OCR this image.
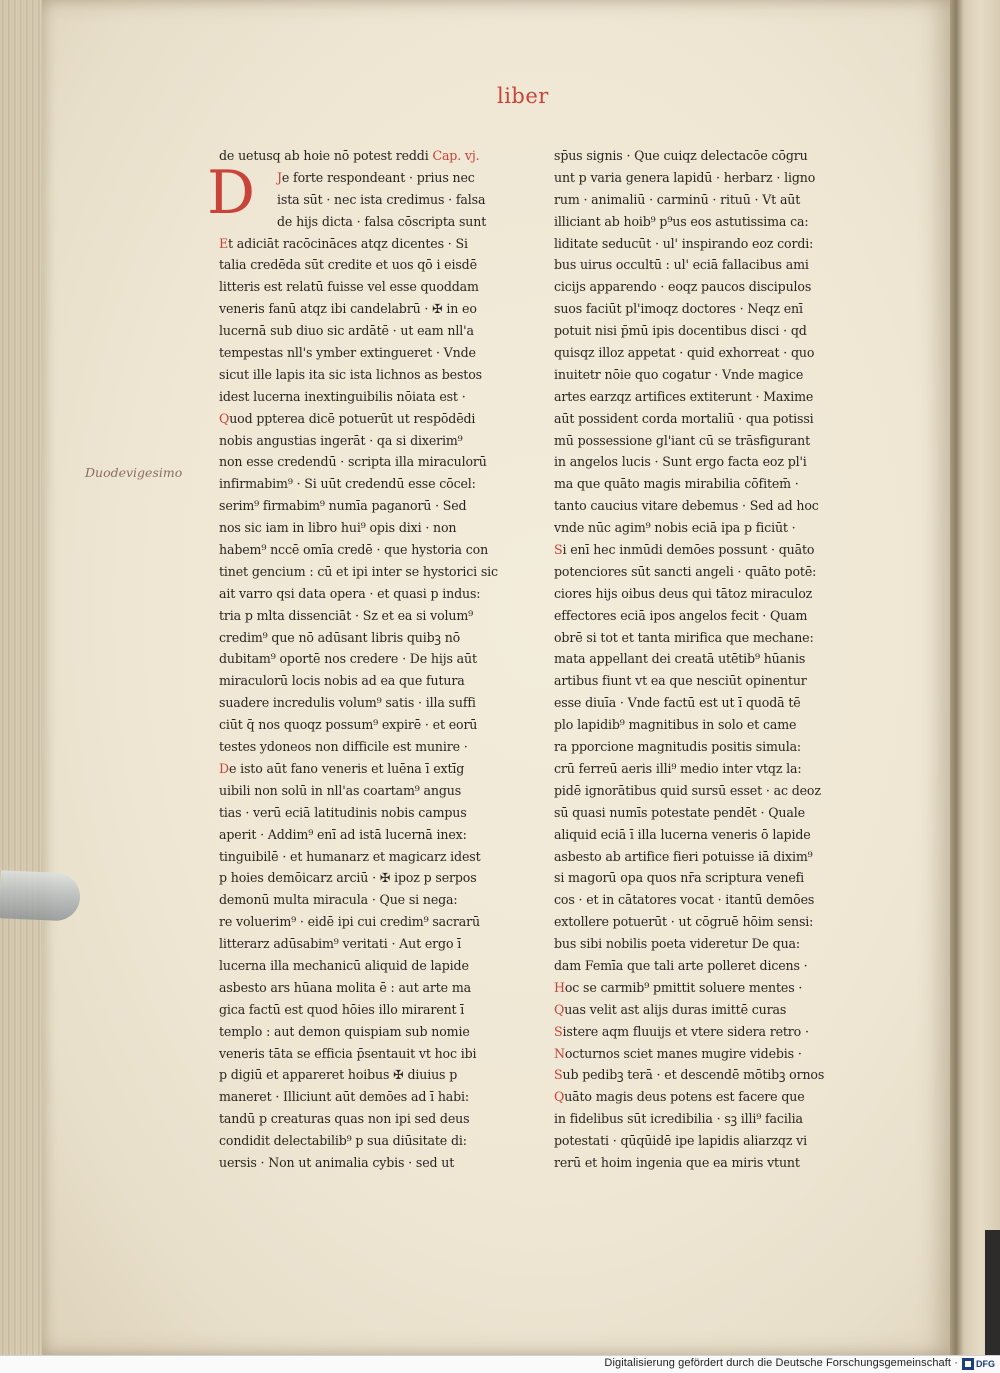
liber
Duodevigesimo
D
de uetusq ab hoie nō potest reddi Cap. vj.
Je forte respondeant · prius nec
ista sūt · nec ista credimus · falsa
de hijs dicta · falsa cōscripta sunt
Et adiciāt racōcināces atqz dicentes · Si
talia credēda sūt credite et uos qō i eisdē
litteris est relatū fuisse vel esse quoddam
veneris fanū atqz ibi candelabrū · ✠ in eo
lucernā sub diuo sic ardātē · ut eam nll'a
tempestas nll's ymber extingueret · Vnde
sicut ille lapis ita sic ista lichnos as bestos
idest lucerna inextinguibilis nōiata est ·
Quod ppterea dicē potuerūt ut respōdēdi
nobis angustias ingerāt · qa si dixerim⁹
non esse credendū · scripta illa miraculorū
infirmabim⁹ · Si uūt credendū esse cōcel:
serim⁹ firmabim⁹ numīa paganorū · Sed
nos sic iam in libro hui⁹ opis dixi · non
habem⁹ nccē omīa credē · que hystoria con
tinet gencium : cū et ipi inter se hystorici sic
ait varro qsi data opera · et quasi p indus:
tria p mlta dissenciāt · Sz et ea si volum⁹
credim⁹ que nō adūsant libris quibꝫ nō
dubitam⁹ oportē nos credere · De hijs aūt
miraculorū locis nobis ad ea que futura
suadere incredulis volum⁹ satis · illa suffi
ciūt q̄ nos quoqz possum⁹ expirē · et eorū
testes ydoneos non difficile est munire ·
De isto aūt fano veneris et luēna ī extīg
uibili non solū in nll'as coartam⁹ angus
tias · verū eciā latitudinis nobis campus
aperit · Addim⁹ enī ad istā lucernā inex:
tinguibilē · et humanarz et magicarz idest
p hoies demōicarz arciū · ✠ ipoz p serpos
demonū multa miracula · Que si nega:
re voluerim⁹ · eidē ipi cui credim⁹ sacrarū
litterarz adūsabim⁹ veritati · Aut ergo ī
lucerna illa mechanicū aliquid de lapide
asbesto ars hūana molita ē : aut arte ma
gica factū est quod hōies illo mirarent ī
templo : aut demon quispiam sub nomie
veneris tāta se efficia p̄sentauit vt hoc ibi
p digiū et appareret hoibus ✠ diuius p
maneret · Illiciunt aūt demōes ad ī habi:
tandū p creaturas quas non ipi sed deus
condidit delectabilib⁹ p sua diūsitate di:
uersis · Non ut animalia cybis · sed ut
sp̄us signis · Que cuiqz delectacōe cōgru
unt p varia genera lapidū · herbarz · ligno
rum · animaliū · carminū · rituū · Vt aūt
illiciant ab hoib⁹ p⁹us eos astutissima ca:
liditate seducūt · ul' inspirando eoz cordi:
bus uirus occultū : ul' eciā fallacibus ami
cicijs apparendo · eoqz paucos discipulos
suos faciūt pl'imoqz doctores · Neqz enī
potuit nisi p̄mū ipis docentibus disci · qd
quisqz illoz appetat · quid exhorreat · quo
inuitetr nōie quo cogatur · Vnde magice
artes earzqz artifices extiterunt · Maxime
aūt possident corda mortaliū · qua potissi
mū possessione gl'iant cū se trāsfigurant
in angelos lucis · Sunt ergo facta eoz pl'i
ma que quāto magis mirabilia cōfitem̄ ·
tanto caucius vitare debemus · Sed ad hoc
vnde nūc agim⁹ nobis eciā ipa p ficiūt ·
Si enī hec inmūdi demōes possunt · quāto
potenciores sūt sancti angeli · quāto potē:
ciores hijs oibus deus qui tātoz miraculoz
effectores eciā ipos angelos fecit · Quam
obrē si tot et tanta mirifica que mechane:
mata appellant dei creatā utētib⁹ hūanis
artibus fiunt vt ea que nesciūt opinentur
esse diuīa · Vnde factū est ut ī quodā tē
plo lapidib⁹ magnitibus in solo et came
ra pporcione magnitudis positis simula:
crū ferreū aeris illi⁹ medio inter vtqz la:
pidē ignorātibus quid sursū esset · ac deoz
sū quasi numīs potestate pendēt · Quale
aliquid eciā ī illa lucerna veneris ō lapide
asbesto ab artifice fieri potuisse iā dixim⁹
si magorū opa quos nr̄a scriptura venefi
cos · et in cātatores vocat · itantū demōes
extollere potuerūt · ut cōgruē hōim sensi:
bus sibi nobilis poeta videretur De qua:
dam Femīa que tali arte polleret dicens ·
Hoc se carmib⁹ pmittit soluere mentes ·
Quas velit ast alijs duras imittē curas
Sistere aqm fluuijs et vtere sidera retro ·
Nocturnos sciet manes mugire videbis ·
Sub pedibꝫ terā · et descendē mōtibꝫ ornos
Quāto magis deus potens est facere que
in fidelibus sūt icredibilia · sꝫ illi⁹ facilia
potestati · qūqūidē ipe lapidis aliarzqz vi
rerū et hoim ingenia que ea miris vtunt
Digitalisierung gefördert durch die Deutsche Forschungsgemeinschaft · DFG
